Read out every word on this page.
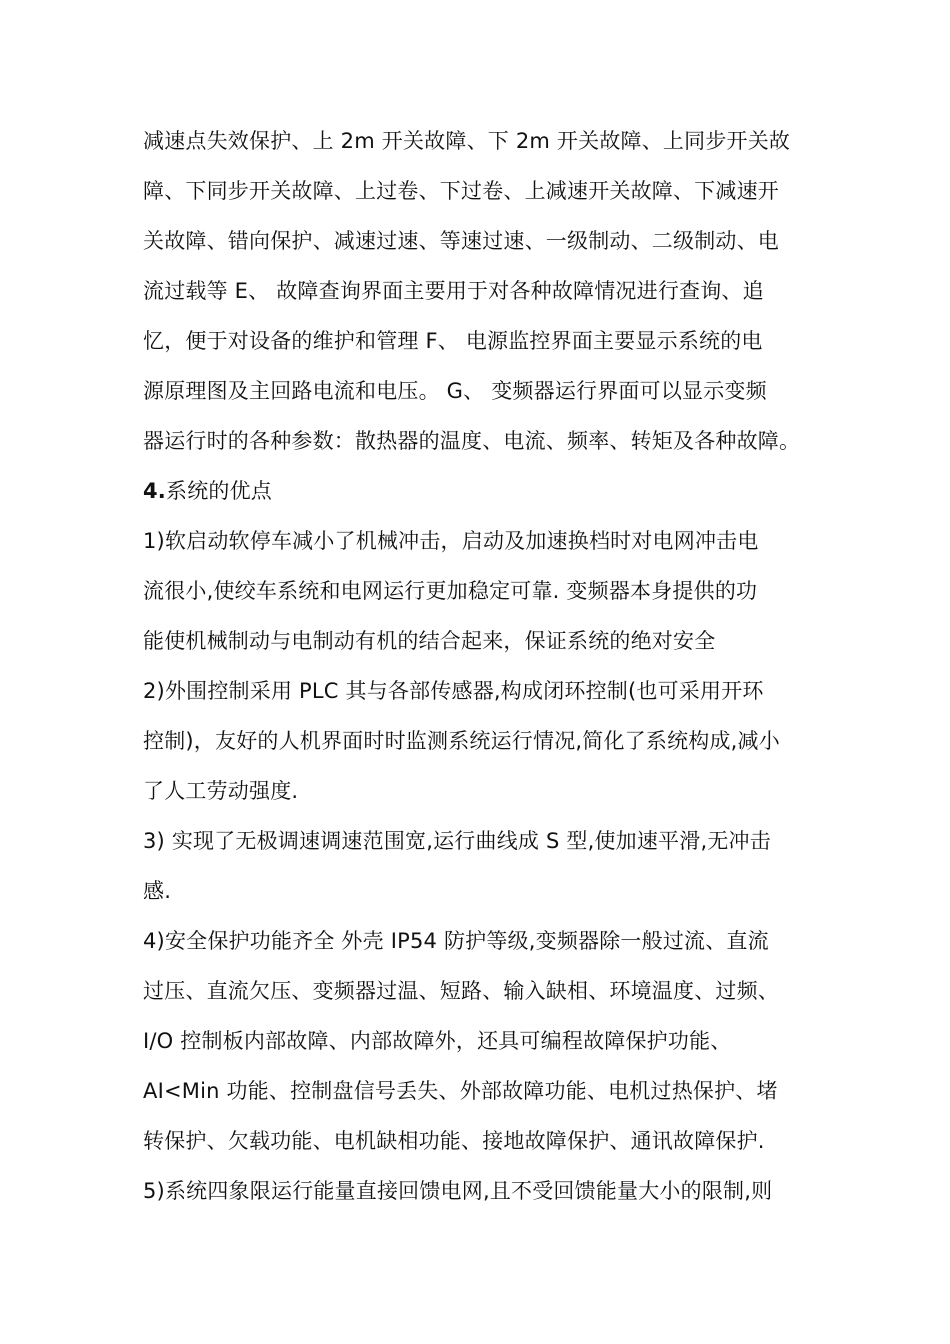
减速点失效保护、上 2m 开关故障、下 2m 开关故障、上同步开关故
障、下同步开关故障、上过卷、下过卷、上减速开关故障、下减速开
关故障、错向保护、减速过速、等速过速、一级制动、二级制动、电
流过载等 E、 故障查询界面主要用于对各种故障情况进行查询、追
忆，便于对设备的维护和管理 F、 电源监控界面主要显示系统的电
源原理图及主回路电流和电压。 G、 变频器运行界面可以显示变频
器运行时的各种参数：散热器的温度、电流、频率、转矩及各种故障。
4.系统的优点
1)软启动软停车减小了机械冲击，启动及加速换档时对电网冲击电
流很小,使绞车系统和电网运行更加稳定可靠. 变频器本身提供的功
能使机械制动与电制动有机的结合起来，保证系统的绝对安全
2)外围控制采用 PLC 其与各部传感器,构成闭环控制(也可采用开环
控制)，友好的人机界面时时监测系统运行情况,简化了系统构成,减小
了人工劳动强度.
3) 实现了无极调速调速范围宽,运行曲线成 S 型,使加速平滑,无冲击
感.
4)安全保护功能齐全 外壳 IP54 防护等级,变频器除一般过流、直流
过压、直流欠压、变频器过温、短路、输入缺相、环境温度、过频、
I/O 控制板内部故障、内部故障外，还具可编程故障保护功能、
AI<Min 功能、控制盘信号丢失、外部故障功能、电机过热保护、堵
转保护、欠载功能、电机缺相功能、接地故障保护、通讯故障保护.
5)系统四象限运行能量直接回馈电网,且不受回馈能量大小的限制,则
